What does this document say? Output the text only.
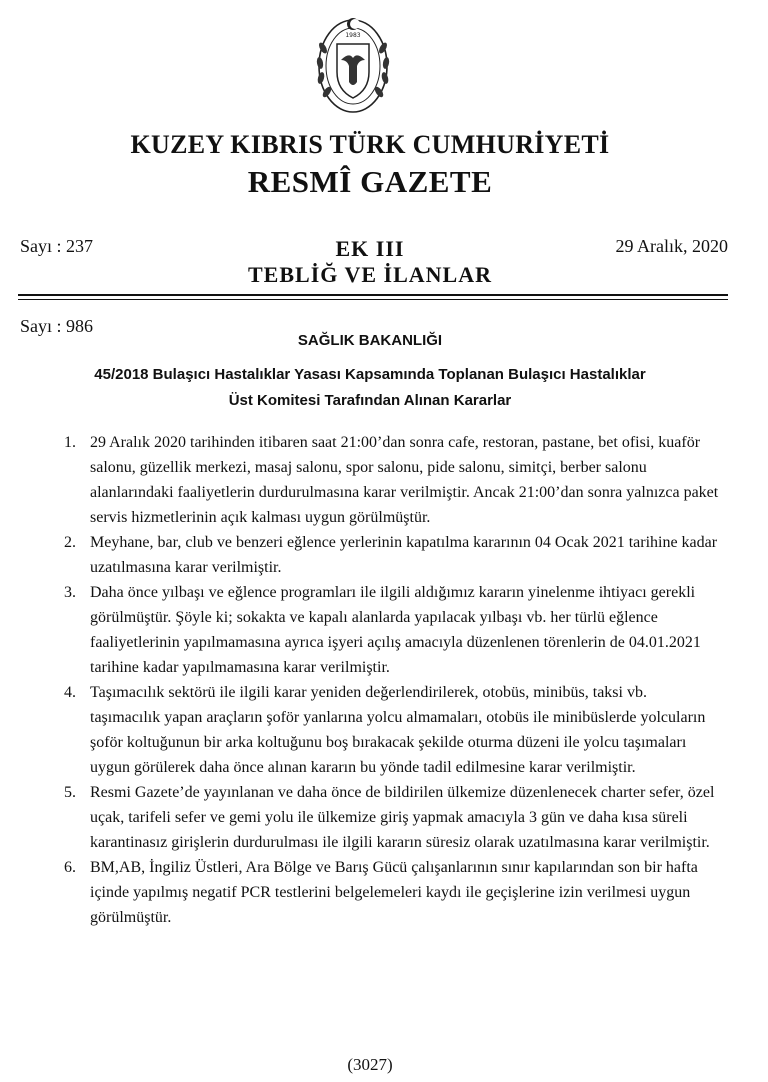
1983
KUZEY KIBRIS TÜRK CUMHURİYETİ
RESMÎ GAZETE
Sayı : 237	EK III
TEBLİĞ VE İLANLAR
29 Aralık, 2020
Sayı : 986
SAĞLIK BAKANLIĞI
45/2018 Bulaşıcı Hastalıklar Yasası Kapsamında Toplanan Bulaşıcı Hastalıklar
Üst Komitesi Tarafından Alınan Kararlar
1. 29 Aralık 2020 tarihinden itibaren saat 21:00’dan sonra cafe, restoran, pastane, bet ofisi, kuaför salonu, güzellik merkezi, masaj salonu, spor salonu, pide salonu, simitçi, berber salonu alanlarındaki faaliyetlerin durdurulmasına karar verilmiştir. Ancak 21:00’dan sonra yalnızca paket servis hizmetlerinin açık kalması uygun görülmüştür.
2. Meyhane, bar, club ve benzeri eğlence yerlerinin kapatılma kararının 04 Ocak 2021 tarihine kadar uzatılmasına karar verilmiştir.
3. Daha önce yılbaşı ve eğlence programları ile ilgili aldığımız kararın yinelenme ihtiyacı gerekli görülmüştür. Şöyle ki; sokakta ve kapalı alanlarda yapılacak yılbaşı vb. her türlü eğlence faaliyetlerinin yapılmamasına ayrıca işyeri açılış amacıyla düzenlenen törenlerin de 04.01.2021 tarihine kadar yapılmamasına karar verilmiştir.
4. Taşımacılık sektörü ile ilgili karar yeniden değerlendirilerek, otobüs, minibüs, taksi vb. taşımacılık yapan araçların şoför yanlarına yolcu almamaları, otobüs ile minibüslerde yolcuların şoför koltuğunun bir arka koltuğunu boş bırakacak şekilde oturma düzeni ile yolcu taşımaları uygun görülerek daha önce alınan kararın bu yönde tadil edilmesine karar verilmiştir.
5. Resmi Gazete’de yayınlanan ve daha önce de bildirilen ülkemize düzenlenecek charter sefer, özel uçak, tarifeli sefer ve gemi yolu ile ülkemize giriş yapmak amacıyla 3 gün ve daha kısa süreli karantinasız girişlerin durdurulması ile ilgili kararın süresiz olarak uzatılmasına karar verilmiştir.
6. BM,AB, İngiliz Üstleri, Ara Bölge ve Barış Gücü çalışanlarının sınır kapılarından son bir hafta içinde yapılmış negatif PCR testlerini belgelemeleri kaydı ile geçişlerine izin verilmesi uygun görülmüştür.
(3027)
